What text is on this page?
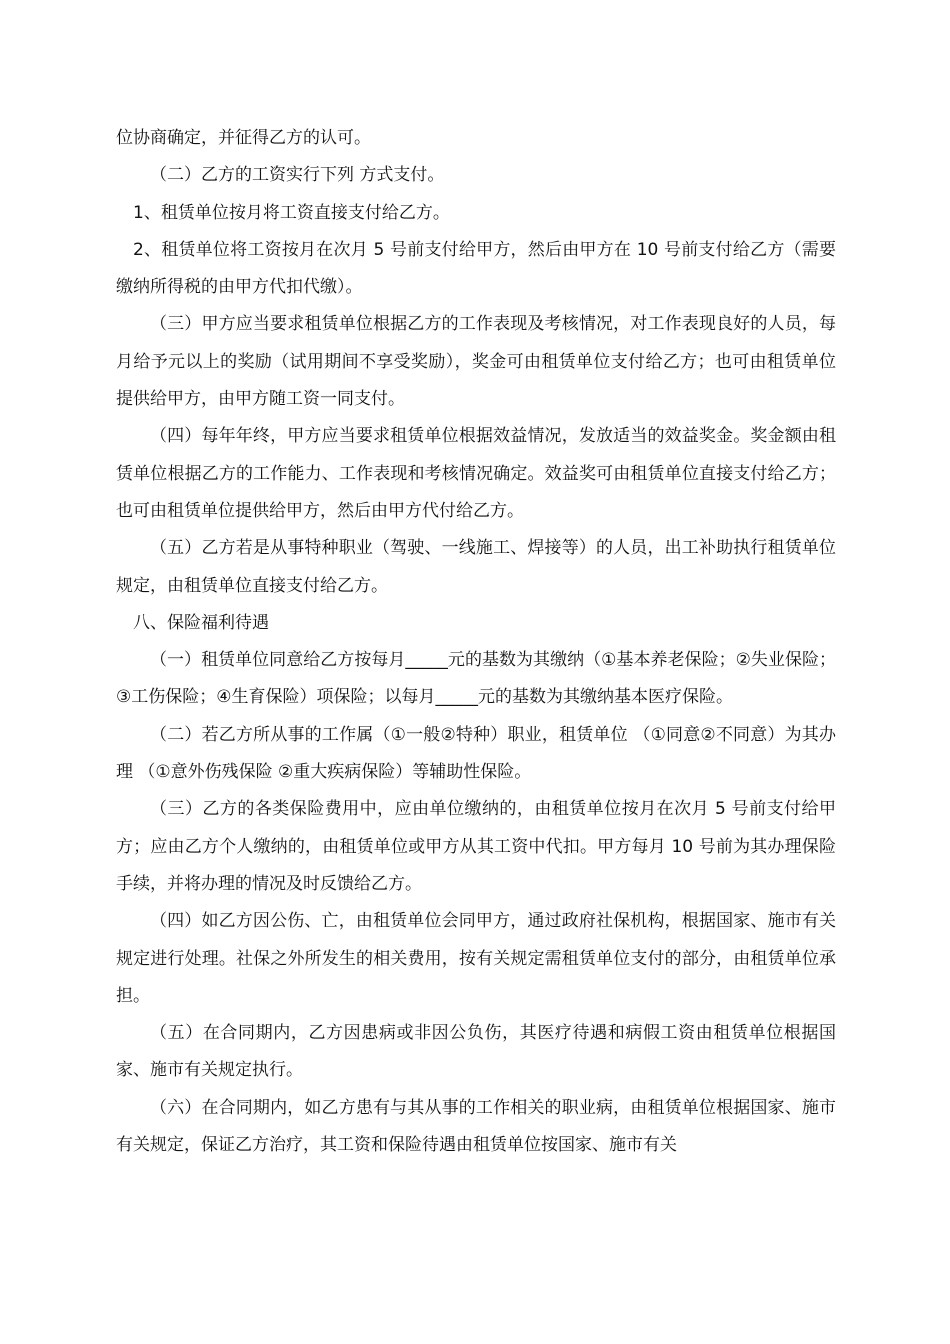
位协商确定，并征得乙方的认可。

（二）乙方的工资实行下列 方式支付。

1、租赁单位按月将工资直接支付给乙方。

2、租赁单位将工资按月在次月 5 号前支付给甲方，然后由甲方在 10 号前支付给乙方（需要缴纳所得税的由甲方代扣代缴）。

（三）甲方应当要求租赁单位根据乙方的工作表现及考核情况，对工作表现良好的人员，每月给予元以上的奖励（试用期间不享受奖励），奖金可由租赁单位支付给乙方；也可由租赁单位提供给甲方，由甲方随工资一同支付。

（四）每年年终，甲方应当要求租赁单位根据效益情况，发放适当的效益奖金。奖金额由租赁单位根据乙方的工作能力、工作表现和考核情况确定。效益奖可由租赁单位直接支付给乙方；也可由租赁单位提供给甲方，然后由甲方代付给乙方。

（五）乙方若是从事特种职业（驾驶、一线施工、焊接等）的人员，出工补助执行租赁单位规定，由租赁单位直接支付给乙方。

八、保险福利待遇

（一）租赁单位同意给乙方按每月_____元的基数为其缴纳（①基本养老保险；②失业保险；③工伤保险；④生育保险）项保险；以每月_____元的基数为其缴纳基本医疗保险。

（二）若乙方所从事的工作属（①一般②特种）职业，租赁单位 （①同意②不同意）为其办理 （①意外伤残保险 ②重大疾病保险）等辅助性保险。

（三）乙方的各类保险费用中，应由单位缴纳的，由租赁单位按月在次月 5 号前支付给甲方；应由乙方个人缴纳的，由租赁单位或甲方从其工资中代扣。甲方每月 10 号前为其办理保险手续，并将办理的情况及时反馈给乙方。

（四）如乙方因公伤、亡，由租赁单位会同甲方，通过政府社保机构，根据国家、施市有关规定进行处理。社保之外所发生的相关费用，按有关规定需租赁单位支付的部分，由租赁单位承担。

（五）在合同期内，乙方因患病或非因公负伤，其医疗待遇和病假工资由租赁单位根据国家、施市有关规定执行。

（六）在合同期内，如乙方患有与其从事的工作相关的职业病，由租赁单位根据国家、施市有关规定，保证乙方治疗，其工资和保险待遇由租赁单位按国家、施市有关
